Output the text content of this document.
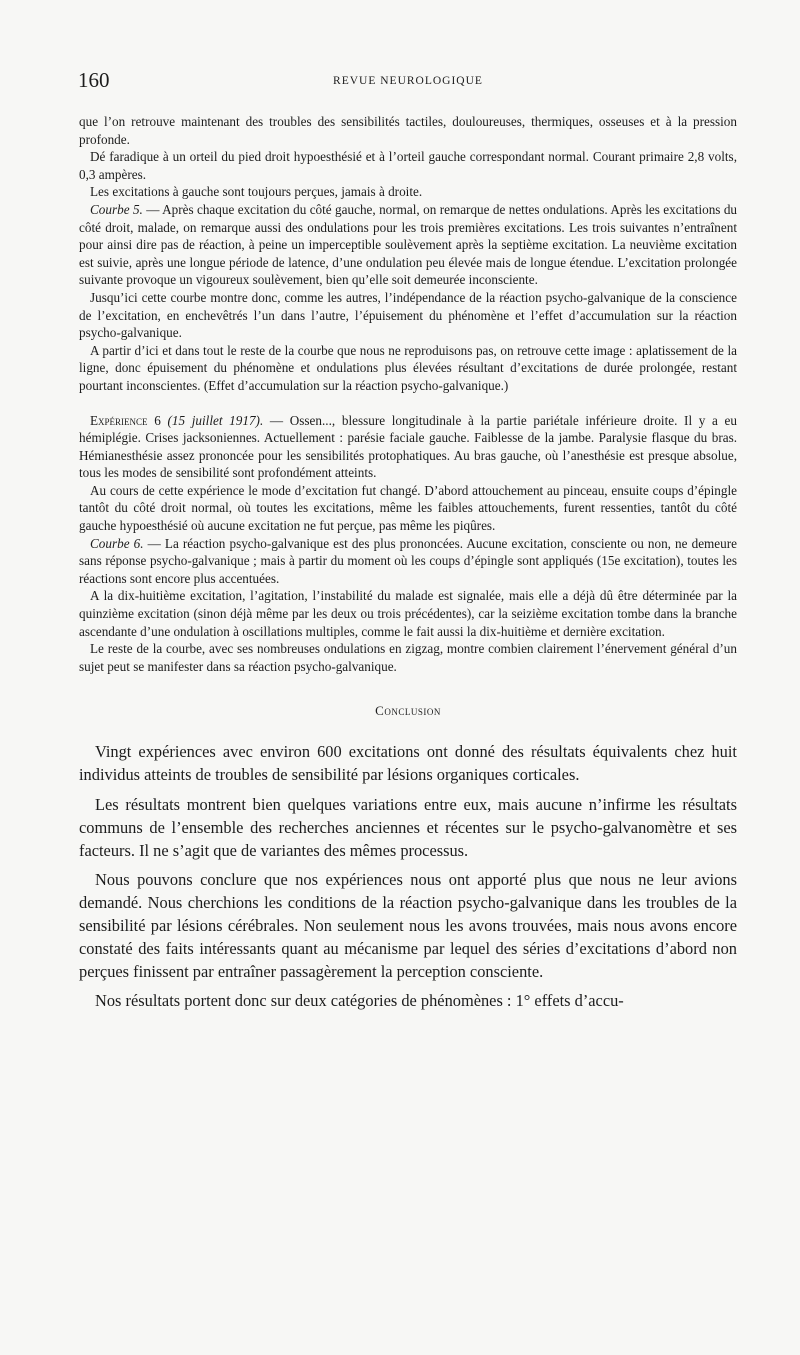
160	REVUE NEUROLOGIQUE

que l’on retrouve maintenant des troubles des sensibilités tactiles, douloureuses, thermiques, osseuses et à la pression profonde.

Dé faradique à un orteil du pied droit hypoesthésié et à l’orteil gauche correspondant normal. Courant primaire 2,8 volts, 0,3 ampères.

Les excitations à gauche sont toujours perçues, jamais à droite.

Courbe 5. — Après chaque excitation du côté gauche, normal, on remarque de nettes ondulations. Après les excitations du côté droit, malade, on remarque aussi des ondulations pour les trois premières excitations. Les trois suivantes n’entraînent pour ainsi dire pas de réaction, à peine un imperceptible soulèvement après la septième excitation. La neuvième excitation est suivie, après une longue période de latence, d’une ondulation peu élevée mais de longue étendue. L’excitation prolongée suivante provoque un vigoureux soulèvement, bien qu’elle soit demeurée inconsciente.

Jusqu’ici cette courbe montre donc, comme les autres, l’indépendance de la réaction psycho-galvanique de la conscience de l’excitation, en enchevêtrés l’un dans l’autre, l’épuisement du phénomène et l’effet d’accumulation sur la réaction psycho-galvanique.

A partir d’ici et dans tout le reste de la courbe que nous ne reproduisons pas, on retrouve cette image : aplatissement de la ligne, donc épuisement du phénomène et ondulations plus élevées résultant d’excitations de durée prolongée, restant pourtant inconscientes. (Effet d’accumulation sur la réaction psycho-galvanique.)

Expérience 6 (15 juillet 1917). — Ossen..., blessure longitudinale à la partie pariétale inférieure droite. Il y a eu hémiplégie. Crises jacksoniennes. Actuellement : parésie faciale gauche. Faiblesse de la jambe. Paralysie flasque du bras. Hémianesthésie assez prononcée pour les sensibilités protophatiques. Au bras gauche, où l’anesthésie est presque absolue, tous les modes de sensibilité sont profondément atteints.

Au cours de cette expérience le mode d’excitation fut changé. D’abord attouchement au pinceau, ensuite coups d’épingle tantôt du côté droit normal, où toutes les excitations, même les faibles attouchements, furent ressenties, tantôt du côté gauche hypoesthésié où aucune excitation ne fut perçue, pas même les piqûres.

Courbe 6. — La réaction psycho-galvanique est des plus prononcées. Aucune excitation, consciente ou non, ne demeure sans réponse psycho-galvanique ; mais à partir du moment où les coups d’épingle sont appliqués (15e excitation), toutes les réactions sont encore plus accentuées.

A la dix-huitième excitation, l’agitation, l’instabilité du malade est signalée, mais elle a déjà dû être déterminée par la quinzième excitation (sinon déjà même par les deux ou trois précédentes), car la seizième excitation tombe dans la branche ascendante d’une ondulation à oscillations multiples, comme le fait aussi la dix-huitième et dernière excitation.

Le reste de la courbe, avec ses nombreuses ondulations en zigzag, montre combien clairement l’énervement général d’un sujet peut se manifester dans sa réaction psycho-galvanique.

Conclusion

Vingt expériences avec environ 600 excitations ont donné des résultats équivalents chez huit individus atteints de troubles de sensibilité par lésions organiques corticales.

Les résultats montrent bien quelques variations entre eux, mais aucune n’infirme les résultats communs de l’ensemble des recherches anciennes et récentes sur le psycho-galvanomètre et ses facteurs. Il ne s’agit que de variantes des mêmes processus.

Nous pouvons conclure que nos expériences nous ont apporté plus que nous ne leur avions demandé. Nous cherchions les conditions de la réaction psycho-galvanique dans les troubles de la sensibilité par lésions cérébrales. Non seulement nous les avons trouvées, mais nous avons encore constaté des faits intéressants quant au mécanisme par lequel des séries d’excitations d’abord non perçues finissent par entraîner passagèrement la perception consciente.

Nos résultats portent donc sur deux catégories de phénomènes : 1° effets d’accu-
